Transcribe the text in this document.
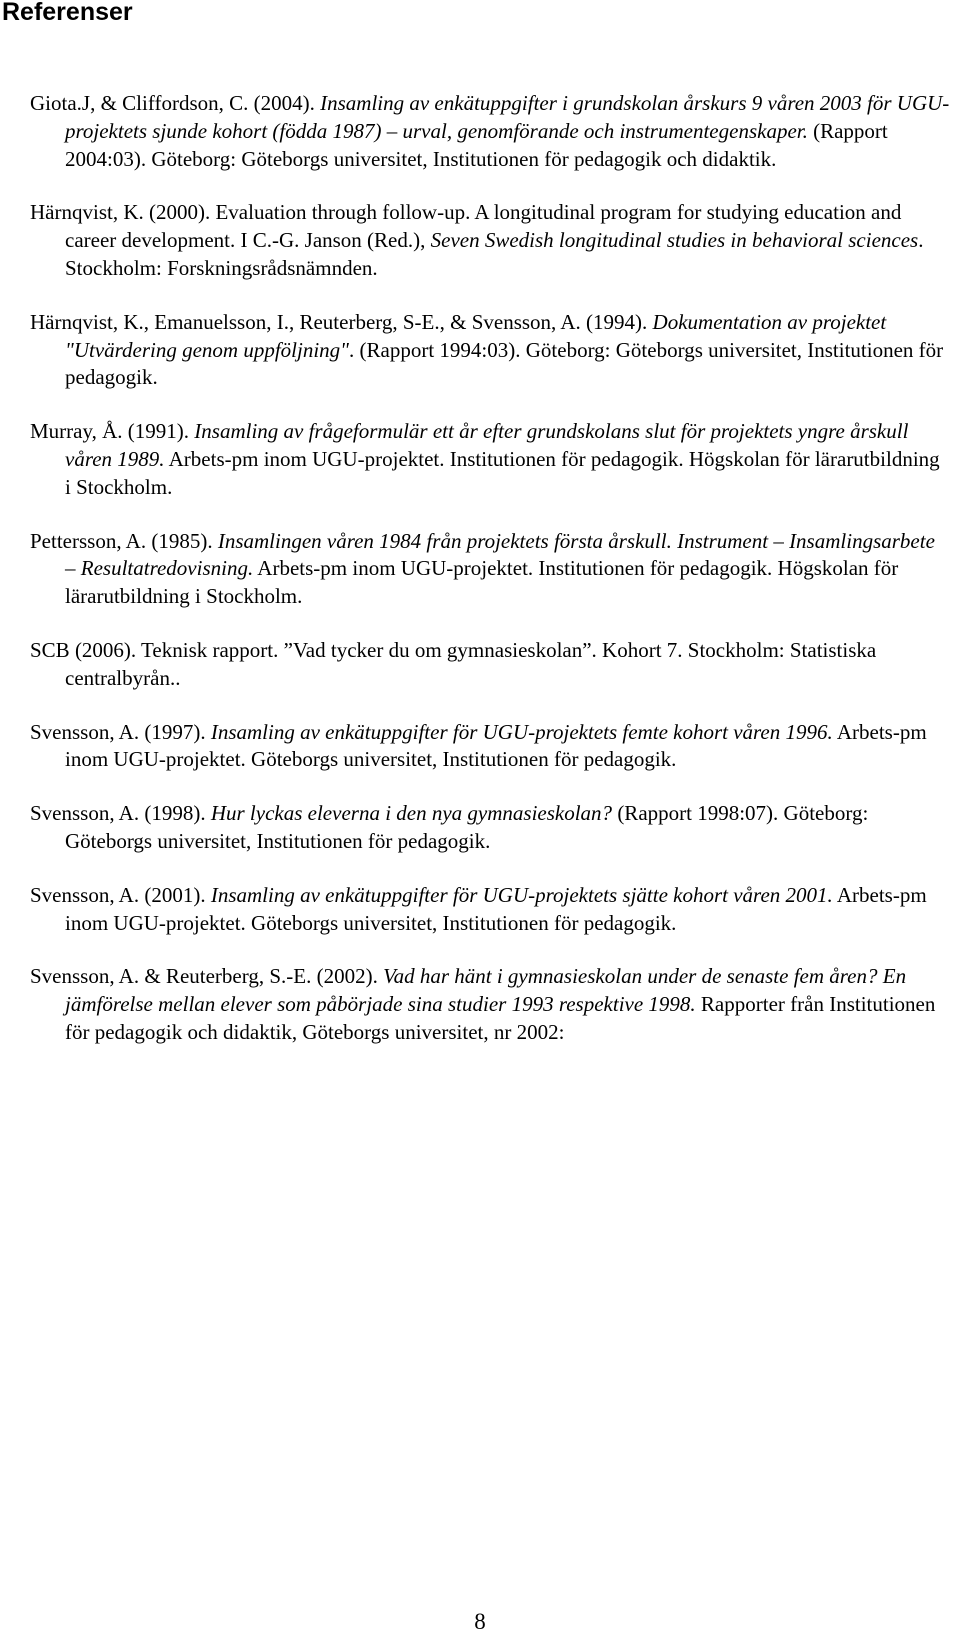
Referenser

Giota.J, & Cliffordson, C. (2004). Insamling av enkätuppgifter i grundskolan årskurs 9 våren 2003 för UGU-projektets sjunde kohort (födda 1987) – urval, genomförande och instrumentegenskaper. (Rapport 2004:03). Göteborg: Göteborgs universitet, Institutionen för pedagogik och didaktik.

Härnqvist, K. (2000). Evaluation through follow-up. A longitudinal program for studying education and career development. I C.-G. Janson (Red.), Seven Swedish longitudinal studies in behavioral sciences. Stockholm: Forskningsrådsnämnden.

Härnqvist, K., Emanuelsson, I., Reuterberg, S-E., & Svensson, A. (1994). Dokumentation av projektet "Utvärdering genom uppföljning". (Rapport 1994:03). Göteborg: Göteborgs universitet, Institutionen för pedagogik.

Murray, Å. (1991). Insamling av frågeformulär ett år efter grundskolans slut för projektets yngre årskull våren 1989. Arbets-pm inom UGU-projektet. Institutionen för pedagogik. Högskolan för lärarutbildning i Stockholm.

Pettersson, A. (1985). Insamlingen våren 1984 från projektets första årskull. Instrument – Insamlingsarbete – Resultatredovisning. Arbets-pm inom UGU-projektet. Institutionen för pedagogik. Högskolan för lärarutbildning i Stockholm.

SCB (2006). Teknisk rapport. ”Vad tycker du om gymnasieskolan”. Kohort 7. Stockholm: Statistiska centralbyrån..

Svensson, A. (1997). Insamling av enkätuppgifter för UGU-projektets femte kohort våren 1996. Arbets-pm inom UGU-projektet. Göteborgs universitet, Institutionen för pedagogik.

Svensson, A. (1998). Hur lyckas eleverna i den nya gymnasieskolan? (Rapport 1998:07). Göteborg: Göteborgs universitet, Institutionen för pedagogik.

Svensson, A. (2001). Insamling av enkätuppgifter för UGU-projektets sjätte kohort våren 2001. Arbets-pm inom UGU-projektet. Göteborgs universitet, Institutionen för pedagogik.

Svensson, A. & Reuterberg, S.-E. (2002). Vad har hänt i gymnasieskolan under de senaste fem åren? En jämförelse mellan elever som påbörjade sina studier 1993 respektive 1998. Rapporter från Institutionen för pedagogik och didaktik, Göteborgs universitet, nr 2002:

8
